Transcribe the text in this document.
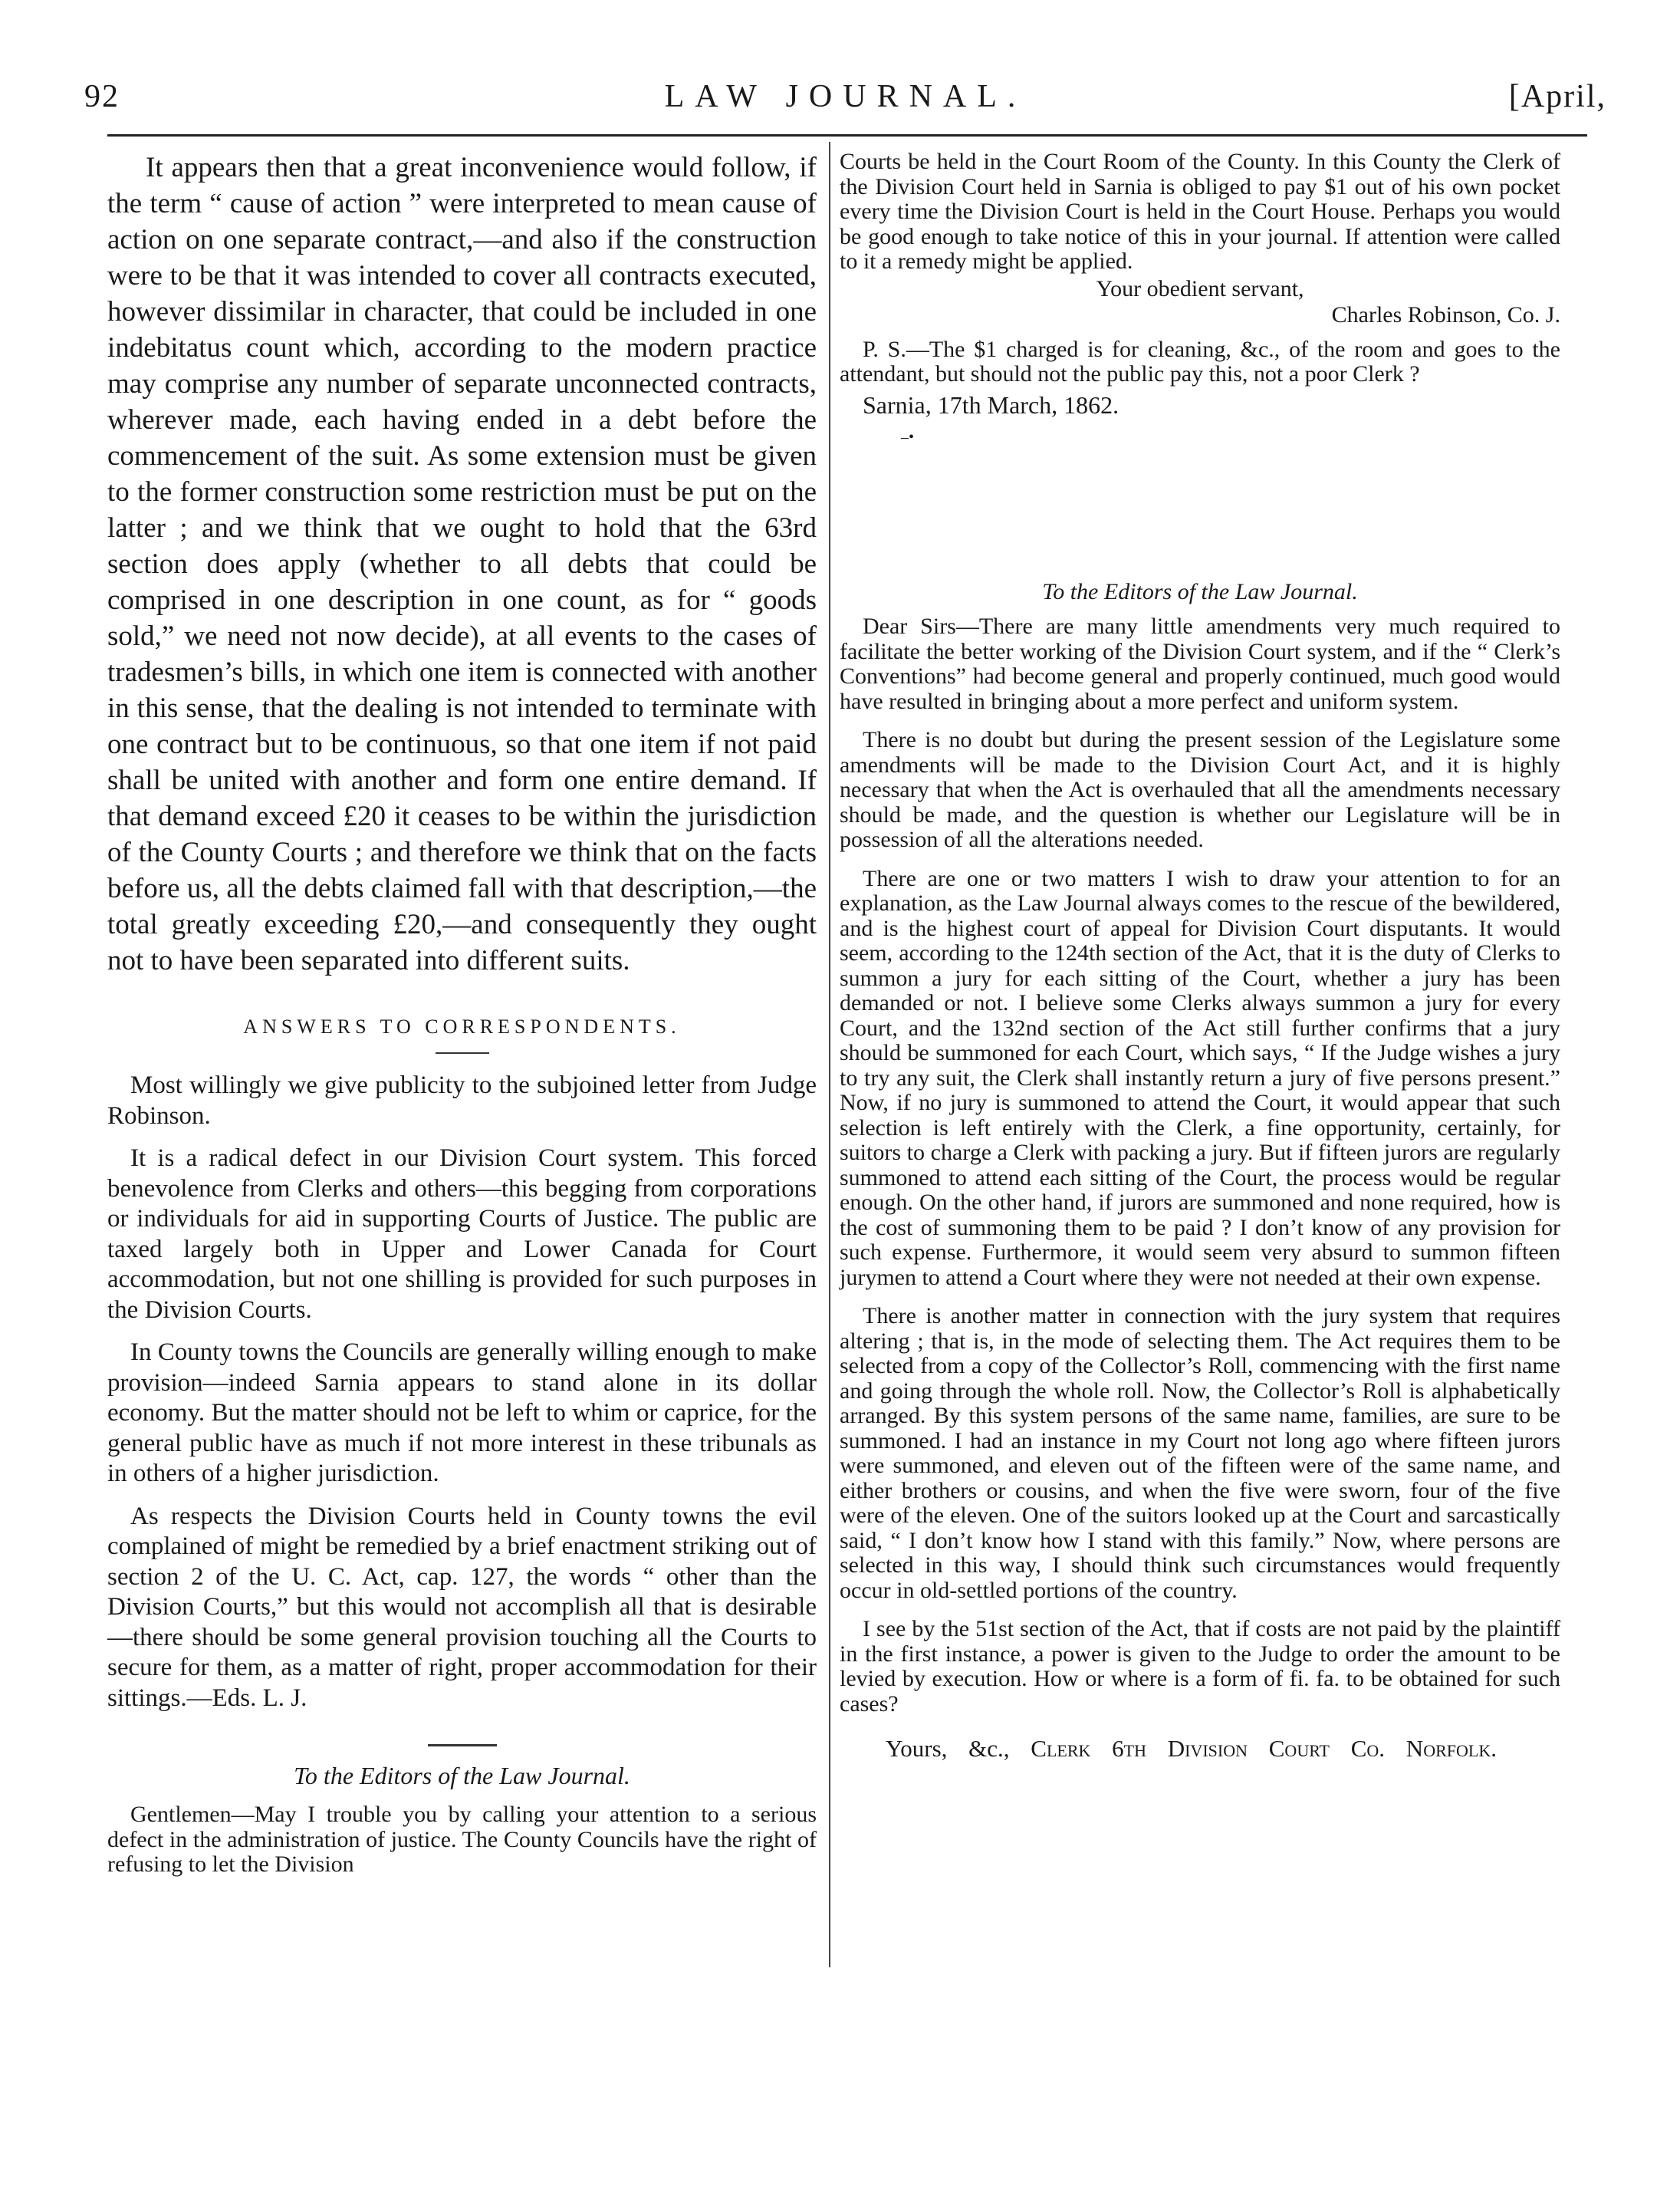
92	LAW JOURNAL.	[April,

It appears then that a great inconvenience would follow, if the term “ cause of action ” were interpreted to mean cause of action on one separate contract,—and also if the construction were to be that it was intended to cover all contracts executed, however dissimilar in character, that could be included in one indebitatus count which, according to the modern practice may comprise any number of separate unconnected contracts, wherever made, each having ended in a debt before the commencement of the suit. As some extension must be given to the former construction some restriction must be put on the latter ; and we think that we ought to hold that the 63rd section does apply (whether to all debts that could be comprised in one description in one count, as for “ goods sold,” we need not now decide), at all events to the cases of tradesmen’s bills, in which one item is connected with another in this sense, that the dealing is not intended to terminate with one contract but to be continuous, so that one item if not paid shall be united with another and form one entire demand. If that demand exceed £20 it ceases to be within the jurisdiction of the County Courts ; and therefore we think that on the facts before us, all the debts claimed fall with that description,—the total greatly exceeding £20,—and consequently they ought not to have been separated into different suits.

ANSWERS TO CORRESPONDENTS.

Most willingly we give publicity to the subjoined letter from Judge Robinson.

It is a radical defect in our Division Court system. This forced benevolence from Clerks and others—this begging from corporations or individuals for aid in supporting Courts of Justice. The public are taxed largely both in Upper and Lower Canada for Court accommodation, but not one shilling is provided for such purposes in the Division Courts.

In County towns the Councils are generally willing enough to make provision—indeed Sarnia appears to stand alone in its dollar economy. But the matter should not be left to whim or caprice, for the general public have as much if not more interest in these tribunals as in others of a higher jurisdiction.

As respects the Division Courts held in County towns the evil complained of might be remedied by a brief enactment striking out of section 2 of the U. C. Act, cap. 127, the words “ other than the Division Courts,” but this would not accomplish all that is desirable—there should be some general provision touching all the Courts to secure for them, as a matter of right, proper accommodation for their sittings.—Eds. L. J.

To the Editors of the Law Journal.

Gentlemen—May I trouble you by calling your attention to a serious defect in the administration of justice. The County Councils have the right of refusing to let the Division

Courts be held in the Court Room of the County. In this County the Clerk of the Division Court held in Sarnia is obliged to pay $1 out of his own pocket every time the Division Court is held in the Court House. Perhaps you would be good enough to take notice of this in your journal. If attention were called to it a remedy might be applied.

Your obedient servant,
Charles Robinson, Co. J.

P. S.—The $1 charged is for cleaning, &c., of the room and goes to the attendant, but should not the public pay this, not a poor Clerk ?

Sarnia, 17th March, 1862.
–•
To the Editors of the Law Journal.

Dear Sirs—There are many little amendments very much required to facilitate the better working of the Division Court system, and if the “ Clerk’s Conventions” had become general and properly continued, much good would have resulted in bringing about a more perfect and uniform system.

There is no doubt but during the present session of the Legislature some amendments will be made to the Division Court Act, and it is highly necessary that when the Act is overhauled that all the amendments necessary should be made, and the question is whether our Legislature will be in possession of all the alterations needed.

There are one or two matters I wish to draw your attention to for an explanation, as the Law Journal always comes to the rescue of the bewildered, and is the highest court of appeal for Division Court disputants. It would seem, according to the 124th section of the Act, that it is the duty of Clerks to summon a jury for each sitting of the Court, whether a jury has been demanded or not. I believe some Clerks always summon a jury for every Court, and the 132nd section of the Act still further confirms that a jury should be summoned for each Court, which says, “ If the Judge wishes a jury to try any suit, the Clerk shall instantly return a jury of five persons present.” Now, if no jury is summoned to attend the Court, it would appear that such selection is left entirely with the Clerk, a fine opportunity, certainly, for suitors to charge a Clerk with packing a jury. But if fifteen jurors are regularly summoned to attend each sitting of the Court, the process would be regular enough. On the other hand, if jurors are summoned and none required, how is the cost of summoning them to be paid ? I don’t know of any provision for such expense. Furthermore, it would seem very absurd to summon fifteen jurymen to attend a Court where they were not needed at their own expense.

There is another matter in connection with the jury system that requires altering ; that is, in the mode of selecting them. The Act requires them to be selected from a copy of the Collector’s Roll, commencing with the first name and going through the whole roll. Now, the Collector’s Roll is alphabetically arranged. By this system persons of the same name, families, are sure to be summoned. I had an instance in my Court not long ago where fifteen jurors were summoned, and eleven out of the fifteen were of the same name, and either brothers or cousins, and when the five were sworn, four of the five were of the eleven. One of the suitors looked up at the Court and sarcastically said, “ I don’t know how I stand with this family.” Now, where persons are selected in this way, I should think such circumstances would frequently occur in old-settled portions of the country.

I see by the 51st section of the Act, that if costs are not paid by the plaintiff in the first instance, a power is given to the Judge to order the amount to be levied by execution. How or where is a form of fi. fa. to be obtained for such cases?

Yours, &c., Clerk 6th Division Court Co. Norfolk.
